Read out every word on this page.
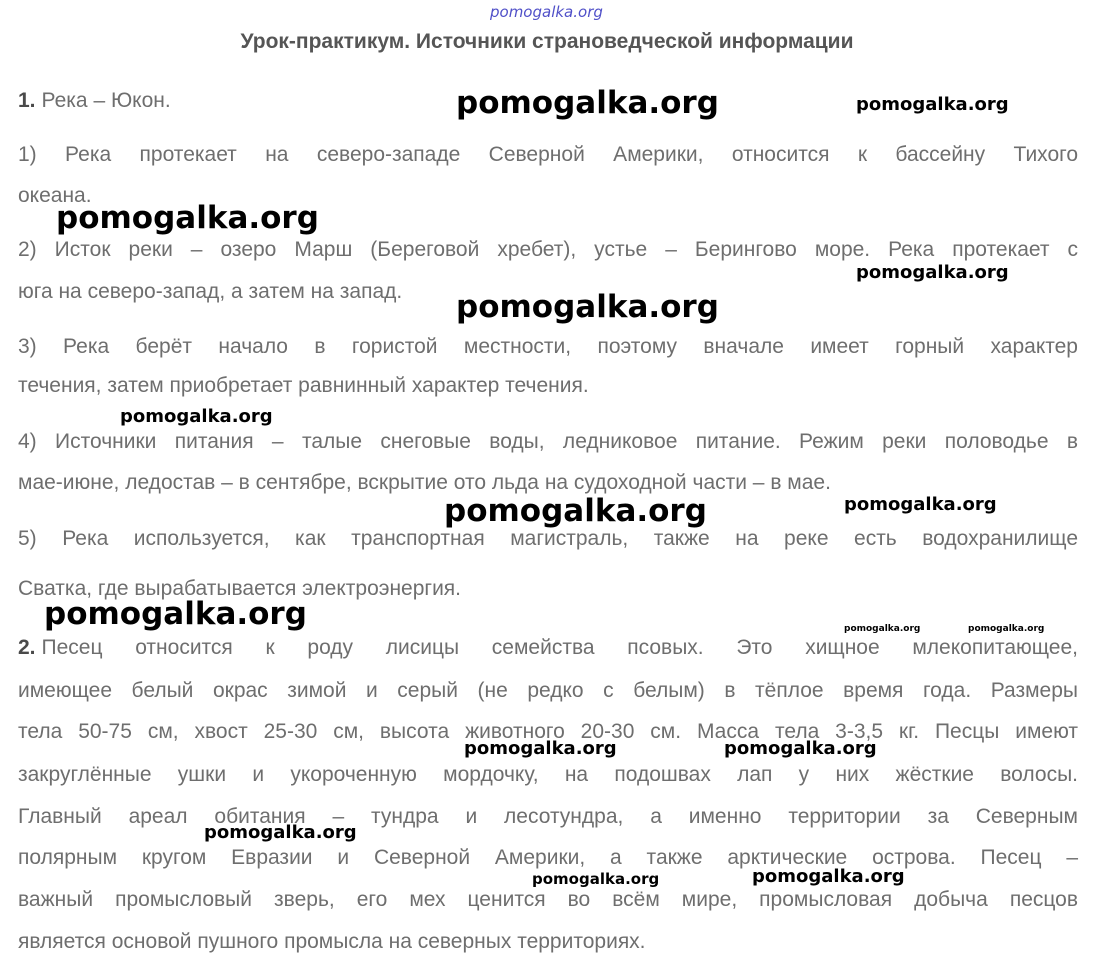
pomogalka.org
Урок-практикум. Источники страноведческой информации
1. Река – Юкон.
1) Река протекает на северо-западе Северной Америки, относится к бассейну Тихого
океана.
2) Исток реки – озеро Марш (Береговой хребет), устье – Берингово море. Река протекает с
юга на северо-запад, а затем на запад.
3) Река берёт начало в гористой местности, поэтому вначале имеет горный характер
течения, затем приобретает равнинный характер течения.
4) Источники питания – талые снеговые воды, ледниковое питание. Режим реки половодье в
мае-июне, ледостав – в сентябре, вскрытие ото льда на судоходной части – в мае.
5) Река используется, как транспортная магистраль, также на реке есть водохранилище
Сватка, где вырабатывается электроэнергия.
2. Песец относится к роду лисицы семейства псовых. Это хищное млекопитающее,
имеющее белый окрас зимой и серый (не редко с белым) в тёплое время года. Размеры
тела 50-75 см, хвост 25-30 см, высота животного 20-30 см. Масса тела 3-3,5 кг. Песцы имеют
закруглённые ушки и укороченную мордочку, на подошвах лап у них жёсткие волосы.
Главный ареал обитания – тундра и лесотундра, а именно территории за Северным
полярным кругом Евразии и Северной Америки, а также арктические острова. Песец –
важный промысловый зверь, его мех ценится во всём мире, промысловая добыча песцов
является основой пушного промысла на северных территориях.
pomogalka.org	pomogalka.org
pomogalka.org
pomogalka.org
pomogalka.org
pomogalka.org
pomogalka.org
pomogalka.org
pomogalka.org	pomogalka.org	pomogalka.org
pomogalka.org	pomogalka.org
pomogalka.org
pomogalka.org
pomogalka.org
